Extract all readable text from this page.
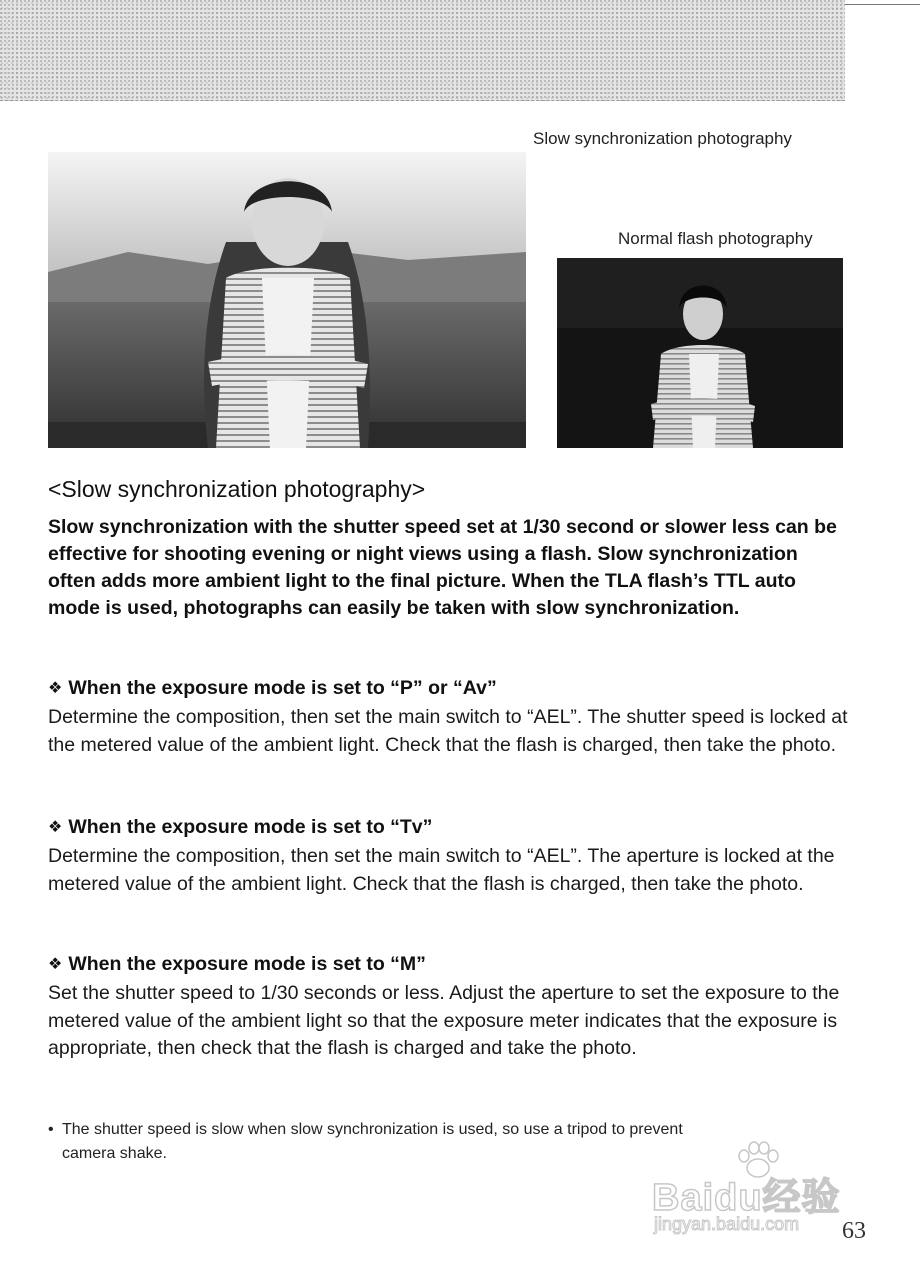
Slow synchronization photography
Normal flash photography
<Slow synchronization photography>

Slow synchronization with the shutter speed set at 1/30 second or slower less can be effective for shooting evening or night views using a flash. Slow synchronization often adds more ambient light to the final picture. When the TLA flash’s TTL auto mode is used, photographs can easily be taken with slow synchronization.

❖ When the exposure mode is set to “P” or “Av”

Determine the composition, then set the main switch to “AEL”. The shutter speed is locked at the metered value of the ambient light. Check that the flash is charged, then take the photo.

❖ When the exposure mode is set to “Tv”

Determine the composition, then set the main switch to “AEL”. The aperture is locked at the metered value of the ambient light. Check that the flash is charged, then take the photo.

❖ When the exposure mode is set to “M”

Set the shutter speed to 1/30 seconds or less. Adjust the aperture to set the exposure to the metered value of the ambient light so that the exposure meter indicates that the exposure is appropriate, then check that the flash is charged and take the photo.

• The shutter speed is slow when slow synchronization is used, so use a tripod to prevent
camera shake.
Baidu经验
jingyan.baidu.com 63
